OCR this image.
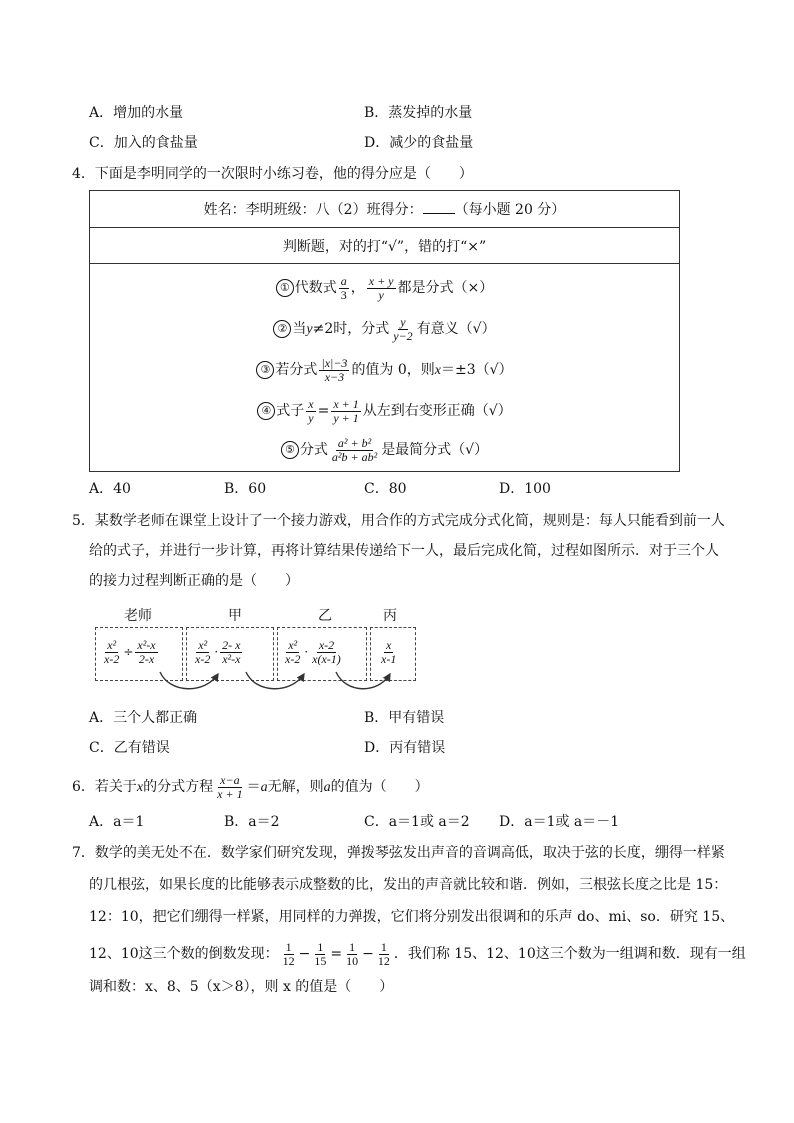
A．增加的水量	B．蒸发掉的水量
C．加入的食盐量	D．减少的食盐量
4．下面是李明同学的一次限时小练习卷，他的得分应是（　　）
姓名：李明班级：八（2）班得分： （每小题 20 分）
判断题，对的打“√”，错的打“×”
① 代数式 $\frac{a}{3}$ ， $\frac{x + y}{y}$ 都是分式（×）
② 当y≠2时，分式 $\frac{y}{y-2}$ 有意义（√）
③ 若分式 $\frac{|x|-3}{x-3}$ 的值为 0，则x＝±3（√）
④ 式子 $\frac{x}{y} = \frac{x + 1}{y + 1}$ 从左到右变形正确（√）
⑤ 分式 $\frac{\text{a² + b²}}{\text{a²b + ab²}}$ 是最简分式（√）
A．40	B．60	C．80	D．100
5．某数学老师在课堂上设计了一个接力游戏，用合作的方式完成分式化简，规则是：每人只能看到前一人
给的式子，并进行一步计算，再将计算结果传递给下一人，最后完成化简，过程如图所示．对于三个人
的接力过程判断正确的是（　　）
老师	甲	乙	丙
$\frac{\text{x²}}{x-2} \div \frac{\text{x²-x}}{2-x}$	$\frac{\text{x²}}{x-2} \cdot \frac{2- x}{\text{x²-x}}$	$\frac{\text{x²}}{x-2} \cdot \frac{x-2}{x(x-1)}$	$\frac{x}{x-1}$
A．三个人都正确	B．甲有错误
C．乙有错误	D．丙有错误
6．若关于x的分式方程 $\frac{x-a}{x + 1} =a$无解，则a的值为（　　）
A．a＝1	B．a＝2	C．a＝1或 a＝2 D．a＝1或 a＝－1
7．数学的美无处不在．数学家们研究发现，弹拨琴弦发出声音的音调高低，取决于弦的长度，绷得一样紧
的几根弦，如果长度的比能够表示成整数的比，发出的声音就比较和谐．例如，三根弦长度之比是 15：
12：10，把它们绷得一样紧，用同样的力弹拨，它们将分别发出很调和的乐声 do、mi、so．研究 15、
12、10这三个数的倒数发现： $\frac{1}{12} - \frac{1}{15} = \frac{1}{10} - \frac{1}{12}$ ．我们称 15、12、10这三个数为一组调和数．现有一组
调和数：x、8、5（x＞8），则 x 的值是（　　）
